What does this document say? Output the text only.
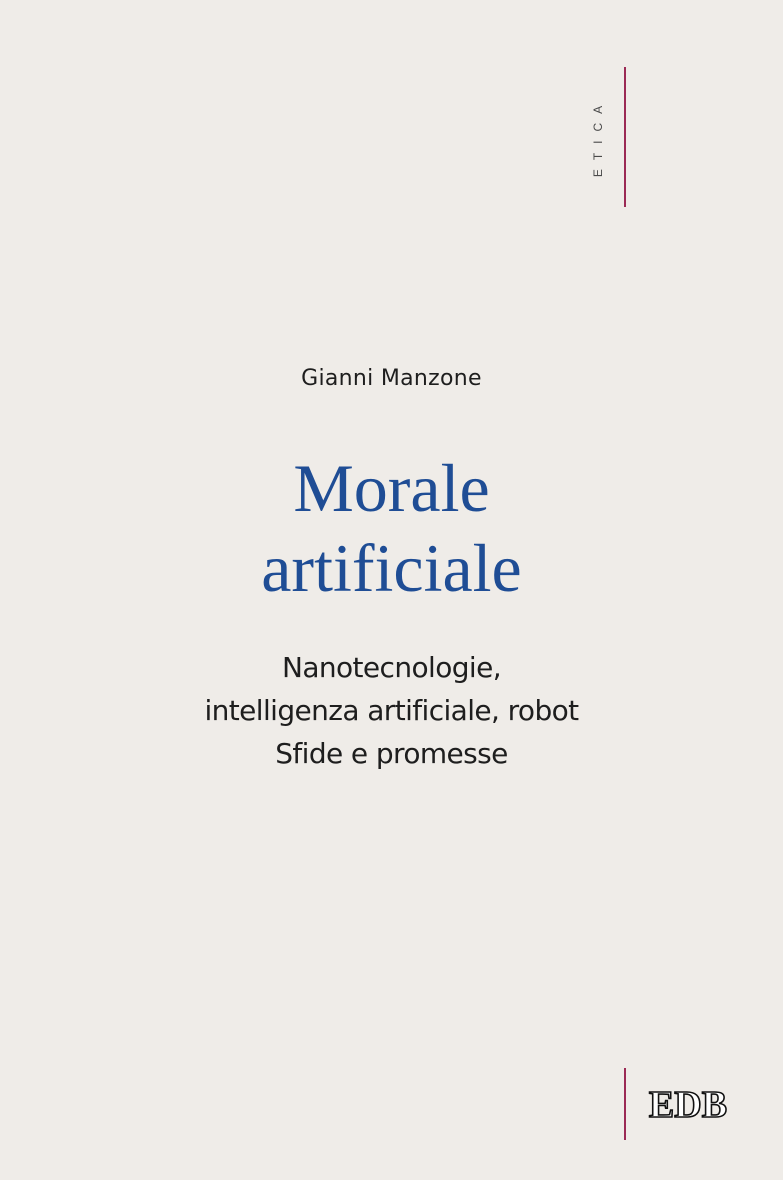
ETICA
Gianni Manzone
Morale
artificiale
Nanotecnologie,
intelligenza artificiale, robot
Sfide e promesse
EDB
